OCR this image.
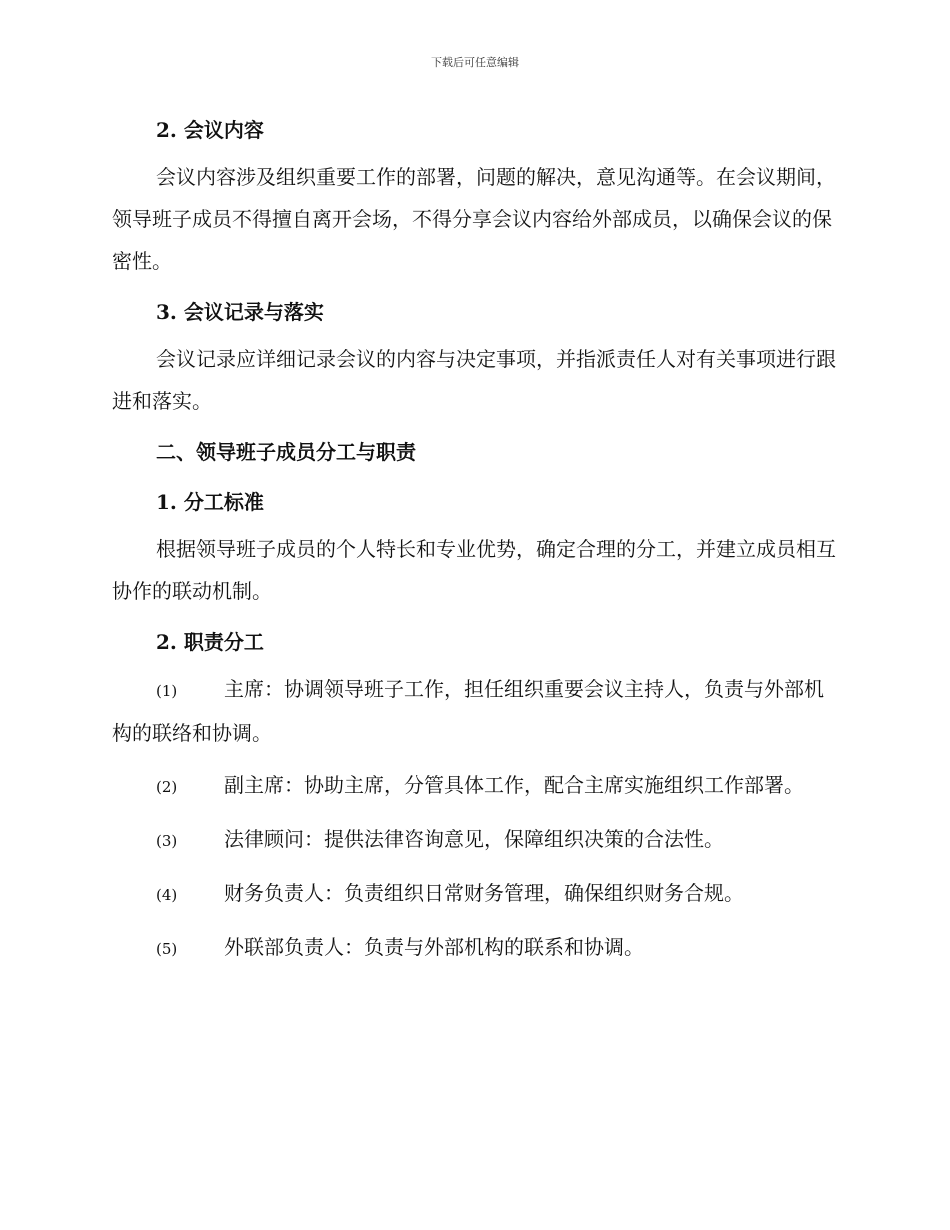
下载后可任意编辑

2. 会议内容

会议内容涉及组织重要工作的部署，问题的解决，意见沟通等。在会议期间，领导班子成员不得擅自离开会场，不得分享会议内容给外部成员，以确保会议的保密性。

3. 会议记录与落实

会议记录应详细记录会议的内容与决定事项，并指派责任人对有关事项进行跟进和落实。

二、领导班子成员分工与职责

1. 分工标准

根据领导班子成员的个人特长和专业优势，确定合理的分工，并建立成员相互协作的联动机制。

2. 职责分工

(1) 主席：协调领导班子工作，担任组织重要会议主持人，负责与外部机构的联络和协调。

(2) 副主席：协助主席，分管具体工作，配合主席实施组织工作部署。

(3) 法律顾问：提供法律咨询意见，保障组织决策的合法性。

(4) 财务负责人：负责组织日常财务管理，确保组织财务合规。

(5) 外联部负责人：负责与外部机构的联系和协调。
